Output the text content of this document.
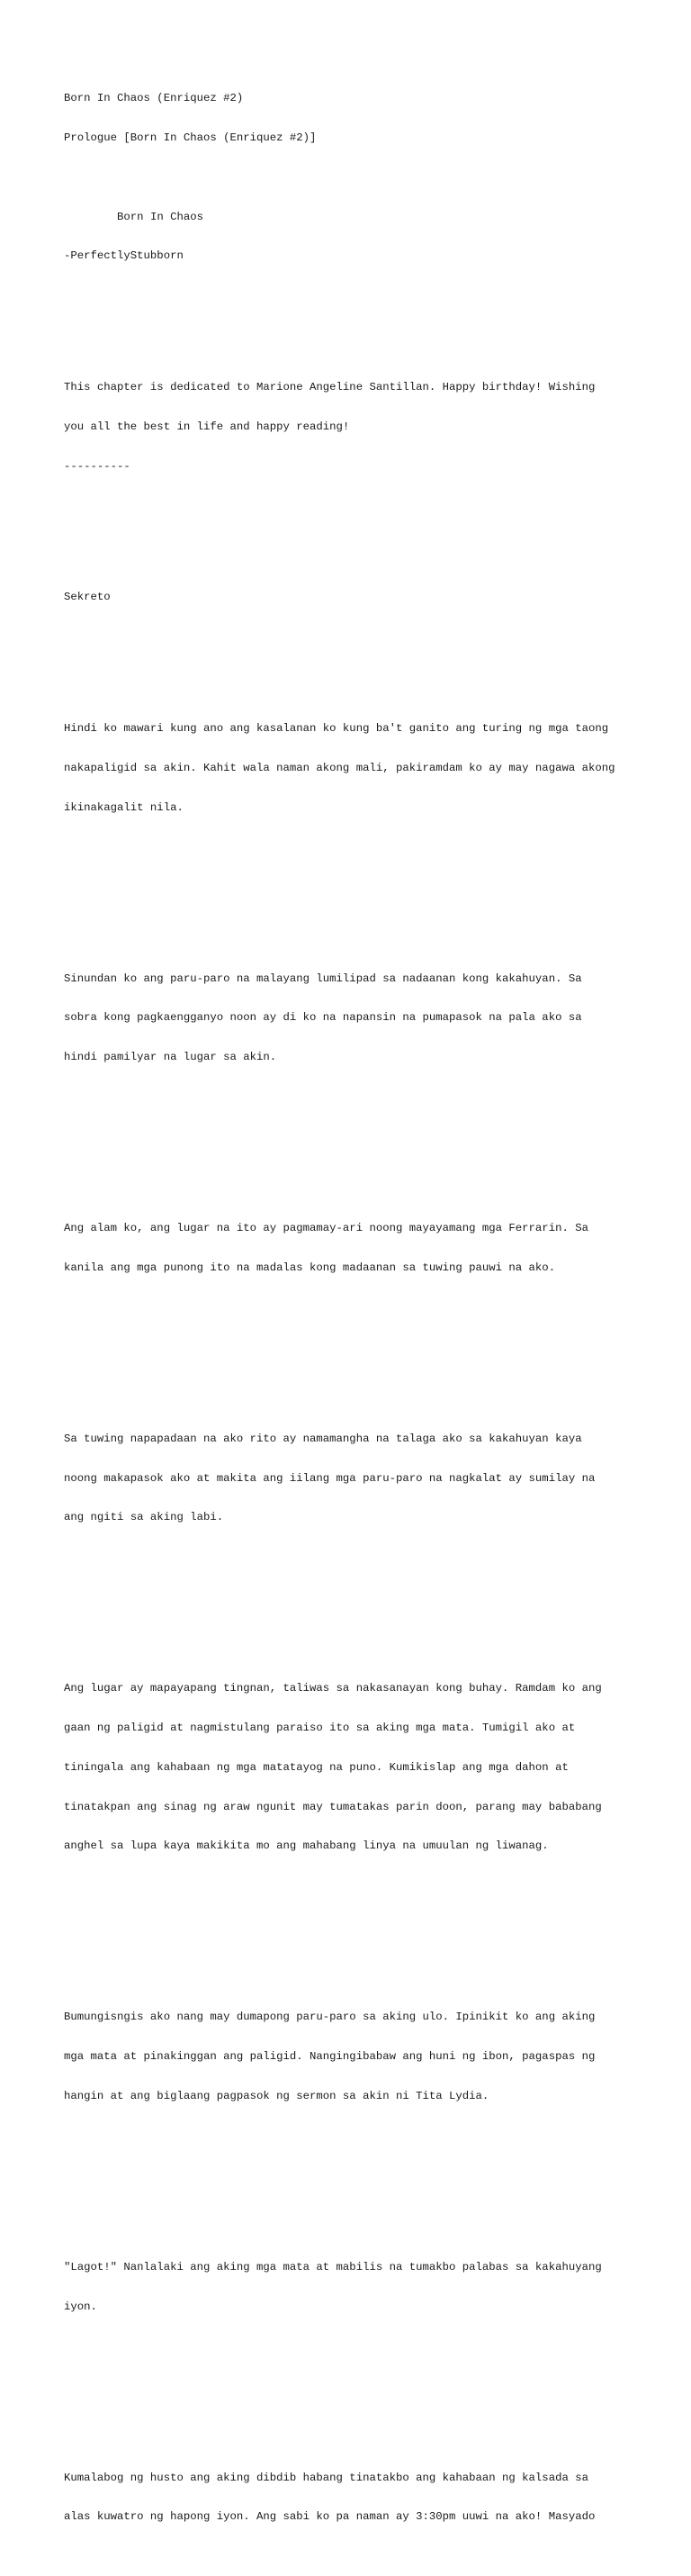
Born In Chaos (Enriquez #2)

Prologue [Born In Chaos (Enriquez #2)]

Born In Chaos

-PerfectlyStubborn

This chapter is dedicated to Marione Angeline Santillan. Happy birthday! Wishing

you all the best in life and happy reading!

----------

Sekreto

Hindi ko mawari kung ano ang kasalanan ko kung ba't ganito ang turing ng mga taong

nakapaligid sa akin. Kahit wala naman akong mali, pakiramdam ko ay may nagawa akong

ikinakagalit nila.

Sinundan ko ang paru-paro na malayang lumilipad sa nadaanan kong kakahuyan. Sa

sobra kong pagkaengganyo noon ay di ko na napansin na pumapasok na pala ako sa

hindi pamilyar na lugar sa akin.

Ang alam ko, ang lugar na ito ay pagmamay-ari noong mayayamang mga Ferrarin. Sa

kanila ang mga punong ito na madalas kong madaanan sa tuwing pauwi na ako.

Sa tuwing napapadaan na ako rito ay namamangha na talaga ako sa kakahuyan kaya

noong makapasok ako at makita ang iilang mga paru-paro na nagkalat ay sumilay na

ang ngiti sa aking labi.

Ang lugar ay mapayapang tingnan, taliwas sa nakasanayan kong buhay. Ramdam ko ang

gaan ng paligid at nagmistulang paraiso ito sa aking mga mata. Tumigil ako at

tiningala ang kahabaan ng mga matatayog na puno. Kumikislap ang mga dahon at

tinatakpan ang sinag ng araw ngunit may tumatakas parin doon, parang may bababang

anghel sa lupa kaya makikita mo ang mahabang linya na umuulan ng liwanag.

Bumungisngis ako nang may dumapong paru-paro sa aking ulo. Ipinikit ko ang aking

mga mata at pinakinggan ang paligid. Nangingibabaw ang huni ng ibon, pagaspas ng

hangin at ang biglaang pagpasok ng sermon sa akin ni Tita Lydia.

"Lagot!" Nanlalaki ang aking mga mata at mabilis na tumakbo palabas sa kakahuyang

iyon.

Kumalabog ng husto ang aking dibdib habang tinatakbo ang kahabaan ng kalsada sa

alas kuwatro ng hapong iyon. Ang sabi ko pa naman ay 3:30pm uuwi na ako! Masyado
